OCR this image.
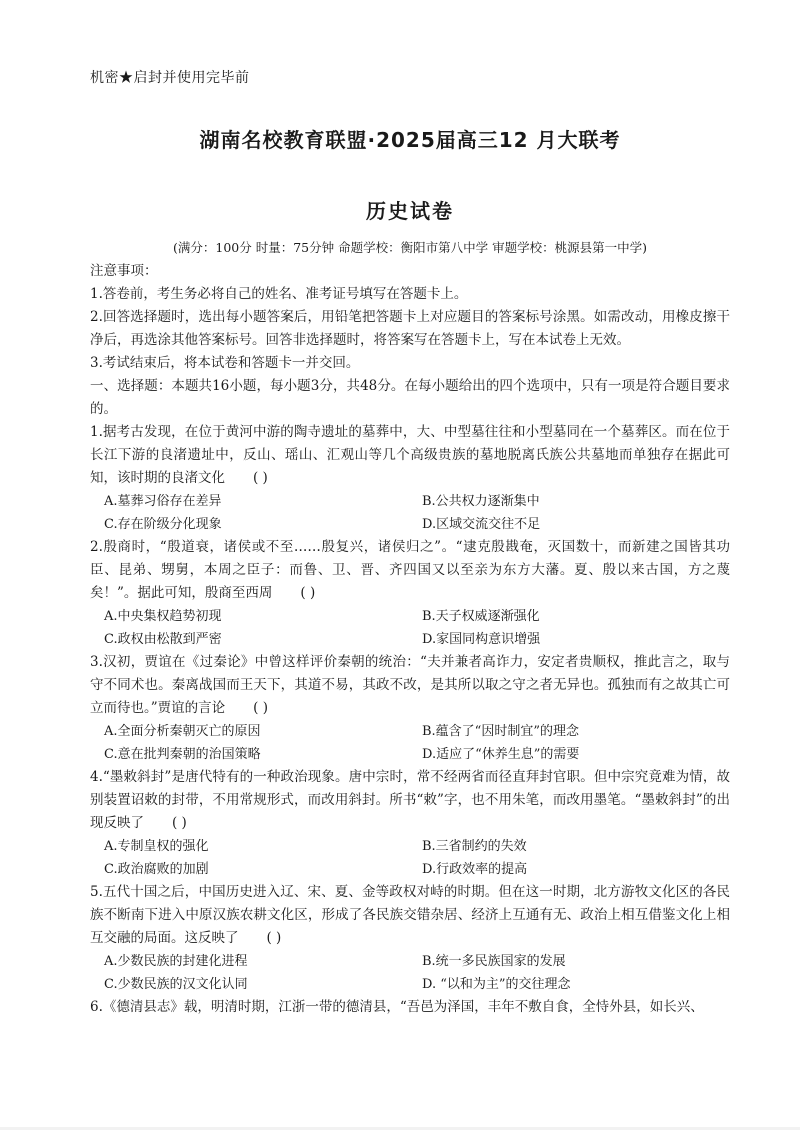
机密★启封并使用完毕前
湖南名校教育联盟·2025届高三12 月大联考
历史试卷
(满分：100分 时量：75分钟 命题学校：衡阳市第八中学 审题学校：桃源县第一中学)

注意事项：

1.答卷前，考生务必将自己的姓名、准考证号填写在答题卡上。

2.回答选择题时，选出每小题答案后，用铅笔把答题卡上对应题目的答案标号涂黑。如需改动，用橡皮擦干净后，再选涂其他答案标号。回答非选择题时，将答案写在答题卡上，写在本试卷上无效。

3.考试结束后，将本试卷和答题卡一并交回。

一、选择题：本题共16小题，每小题3分，共48分。在每小题给出的四个选项中，只有一项是符合题目要求的。

1.据考古发现，在位于黄河中游的陶寺遗址的墓葬中，大、中型墓往往和小型墓同在一个墓葬区。而在位于长江下游的良渚遗址中，反山、瑶山、汇观山等几个高级贵族的墓地脱离氏族公共墓地而单独存在据此可知，该时期的良渚文化 ( )

A.墓葬习俗存在差异	B.公共权力逐渐集中
C.存在阶级分化现象	D.区域交流交往不足

2.殷商时，“殷道衰，诸侯或不至……殷复兴，诸侯归之”。“逮克殷戡奄，灭国数十，而新建之国皆其功臣、昆弟、甥舅，本周之臣子：而鲁、卫、晋、齐四国又以至亲为东方大藩。夏、殷以来古国，方之蔑矣！”。据此可知，殷商至西周 ( )

A.中央集权趋势初现	B.天子权威逐渐强化
C.政权由松散到严密	D.家国同构意识增强

3.汉初，贾谊在《过秦论》中曾这样评价秦朝的统治：“夫并兼者高诈力，安定者贵顺权，推此言之，取与守不同术也。秦离战国而王天下，其道不易，其政不改，是其所以取之守之者无异也。孤独而有之故其亡可立而待也。”贾谊的言论 ( )

A.全面分析秦朝灭亡的原因	B.蕴含了“因时制宜”的理念
C.意在批判秦朝的治国策略	D.适应了“休养生息”的需要

4.“墨敕斜封”是唐代特有的一种政治现象。唐中宗时，常不经两省而径直拜封官职。但中宗究竟难为情，故别装置诏敕的封带，不用常规形式，而改用斜封。所书“敕”字，也不用朱笔，而改用墨笔。“墨敕斜封”的出现反映了 ( )

A.专制皇权的强化	B.三省制约的失效
C.政治腐败的加剧	D.行政效率的提高

5.五代十国之后，中国历史进入辽、宋、夏、金等政权对峙的时期。但在这一时期，北方游牧文化区的各民族不断南下进入中原汉族农耕文化区，形成了各民族交错杂居、经济上互通有无、政治上相互借鉴文化上相互交融的局面。这反映了 ( )

A.少数民族的封建化进程	B.统一多民族国家的发展
C.少数民族的汉文化认同	D. “以和为主”的交往理念

6.《德清县志》载，明清时期，江浙一带的德清县，“吾邑为泽国，丰年不敷自食，全恃外县，如长兴、
